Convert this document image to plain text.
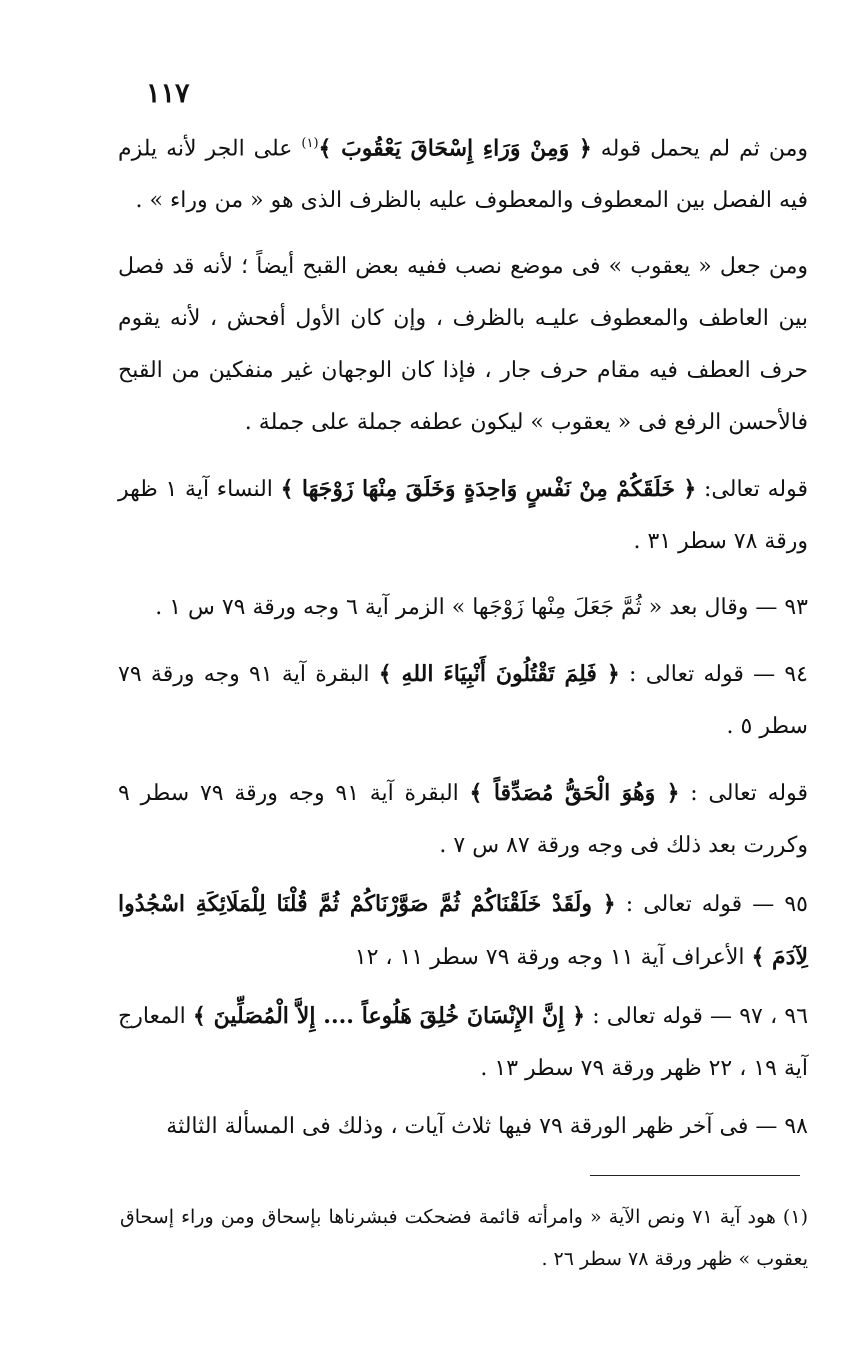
١١٧

ومن ثم لم يحمل قوله ﴿ وَمِنْ وَرَاءِ إِسْحَاقَ يَعْقُوبَ ﴾$^{(١)}$ على الجر لأنه يلزم فيه الفصل بين المعطوف والمعطوف عليه بالظرف الذى هو « من وراء » .

ومن جعل « يعقوب » فى موضع نصب ففيه بعض القبح أيضاً ؛ لأنه قد فصل بين العاطف والمعطوف عليـه بالظرف ، وإن كان الأول أفحش ، لأنه يقوم حرف العطف فيه مقام حرف جار ، فإذا كان الوجهان غير منفكين من القبح فالأحسن الرفع فى « يعقوب » ليكون عطفه جملة على جملة .

قوله تعالى: ﴿ خَلَقَكُمْ مِنْ نَفْسٍ وَاحِدَةٍ وَخَلَقَ مِنْهَا زَوْجَهَا ﴾ النساء آية ١ ظهر ورقة ٧٨ سطر ٣١ .

٩٣ — وقال بعد « ثُمَّ جَعَلَ مِنْها زَوْجَها » الزمر آية ٦ وجه ورقة ٧٩ س ١ .

٩٤ — قوله تعالى : ﴿ فَلِمَ تَقْتُلُونَ أَنْبِيَاءَ اللهِ ﴾ البقرة آية ٩١ وجه ورقة ٧٩ سطر ٥ .

قوله تعالى : ﴿ وَهُوَ الْحَقُّ مُصَدِّقاً ﴾ البقرة آية ٩١ وجه ورقة ٧٩ سطر ٩ وكررت بعد ذلك فى وجه ورقة ٨٧ س ٧ .

٩٥ — قوله تعالى : ﴿ ولَقَدْ خَلَقْنَاكُمْ ثُمَّ صَوَّرْنَاكُمْ ثُمَّ قُلْنَا لِلْمَلَائِكَةِ اسْجُدُوا لِآدَمَ ﴾ الأعراف آية ١١ وجه ورقة ٧٩ سطر ١١ ، ١٢

٩٦ ، ٩٧ — قوله تعالى : ﴿ إِنَّ الإِنْسَانَ خُلِقَ هَلُوعاً .... إِلاَّ الْمُصَلِّينَ ﴾ المعارج آية ١٩ ، ٢٢ ظهر ورقة ٧٩ سطر ١٣ .

٩٨ — فى آخر ظهر الورقة ٧٩ فيها ثلاث آيات ، وذلك فى المسألة الثالثة

(١) هود آية ٧١ ونص الآية « وامرأته قائمة فضحكت فبشرناها بإسحاق ومن وراء إسحاق يعقوب » ظهر ورقة ٧٨ سطر ٢٦ .
